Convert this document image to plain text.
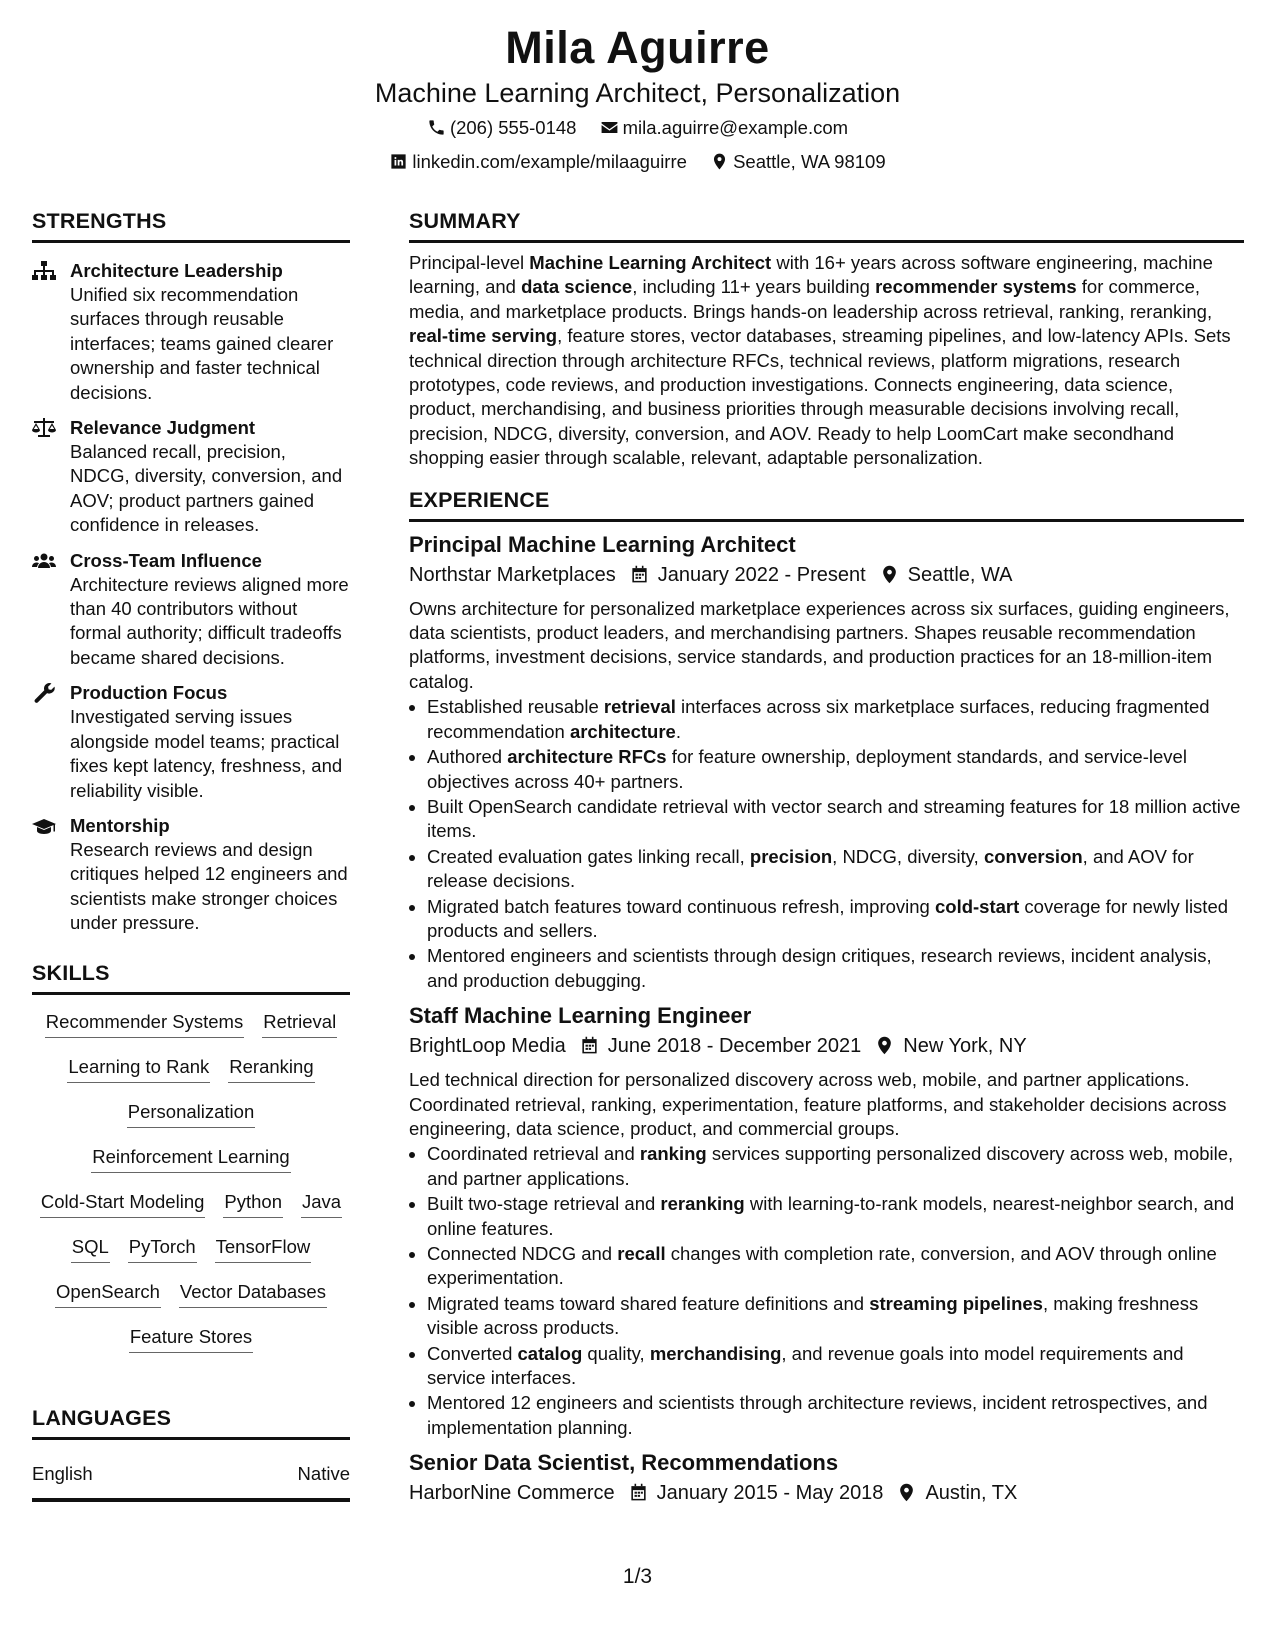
Mila Aguirre
Machine Learning Architect, Personalization
(206) 555-0148 mila.aguirre@example.com
linkedin.com/example/milaaguirre Seattle, WA 98109
STRENGTHS
Architecture Leadership
Unified six recommendation surfaces through reusable interfaces; teams gained clearer ownership and faster technical decisions.
Relevance Judgment
Balanced recall, precision, NDCG, diversity, conversion, and AOV; product partners gained confidence in releases.
Cross-Team Influence
Architecture reviews aligned more than 40 contributors without formal authority; difficult tradeoffs became shared decisions.
Production Focus
Investigated serving issues alongside model teams; practical fixes kept latency, freshness, and reliability visible.
Mentorship
Research reviews and design critiques helped 12 engineers and scientists make stronger choices under pressure.
SKILLS
Recommender Systems Retrieval
Learning to Rank Reranking
Personalization
Reinforcement Learning
Cold-Start Modeling Python Java
SQL PyTorch TensorFlow
OpenSearch Vector Databases
Feature Stores
LANGUAGES
English	Native
SUMMARY
Principal-level Machine Learning Architect with 16+ years across software engineering, machine learning, and data science, including 11+ years building recommender systems for commerce, media, and marketplace products. Brings hands-on leadership across retrieval, ranking, reranking, real-time serving, feature stores, vector databases, streaming pipelines, and low-latency APIs. Sets technical direction through architecture RFCs, technical reviews, platform migrations, research prototypes, code reviews, and production investigations. Connects engineering, data science, product, merchandising, and business priorities through measurable decisions involving recall, precision, NDCG, diversity, conversion, and AOV. Ready to help LoomCart make secondhand shopping easier through scalable, relevant, adaptable personalization.
EXPERIENCE
Principal Machine Learning Architect
Northstar Marketplaces January 2022 - Present Seattle, WA
Owns architecture for personalized marketplace experiences across six surfaces, guiding engineers, data scientists, product leaders, and merchandising partners. Shapes reusable recommendation platforms, investment decisions, service standards, and production practices for an 18-million-item catalog.
Established reusable retrieval interfaces across six marketplace surfaces, reducing fragmented recommendation architecture.
Authored architecture RFCs for feature ownership, deployment standards, and service-level objectives across 40+ partners.
Built OpenSearch candidate retrieval with vector search and streaming features for 18 million active items.
Created evaluation gates linking recall, precision, NDCG, diversity, conversion, and AOV for release decisions.
Migrated batch features toward continuous refresh, improving cold-start coverage for newly listed products and sellers.
Mentored engineers and scientists through design critiques, research reviews, incident analysis, and production debugging.
Staff Machine Learning Engineer
BrightLoop Media June 2018 - December 2021 New York, NY
Led technical direction for personalized discovery across web, mobile, and partner applications. Coordinated retrieval, ranking, experimentation, feature platforms, and stakeholder decisions across engineering, data science, product, and commercial groups.
Coordinated retrieval and ranking services supporting personalized discovery across web, mobile, and partner applications.
Built two-stage retrieval and reranking with learning-to-rank models, nearest-neighbor search, and online features.
Connected NDCG and recall changes with completion rate, conversion, and AOV through online experimentation.
Migrated teams toward shared feature definitions and streaming pipelines, making freshness visible across products.
Converted catalog quality, merchandising, and revenue goals into model requirements and service interfaces.
Mentored 12 engineers and scientists through architecture reviews, incident retrospectives, and implementation planning.
Senior Data Scientist, Recommendations
HarborNine Commerce January 2015 - May 2018 Austin, TX
1/3
